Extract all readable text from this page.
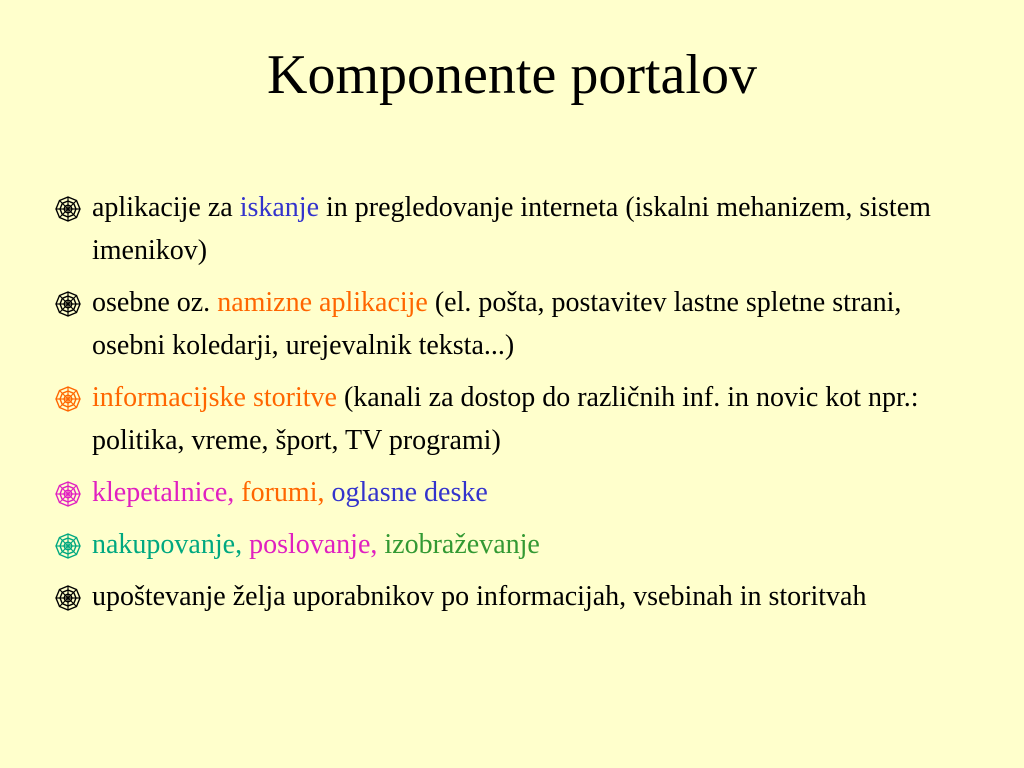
Komponente portalov
aplikacije za iskanje in pregledovanje interneta (iskalni mehanizem, sistem imenikov)
osebne oz. namizne aplikacije (el. pošta, postavitev lastne spletne strani, osebni koledarji, urejevalnik teksta...)
informacijske storitve (kanali za dostop do različnih inf. in novic kot npr.: politika, vreme, šport, TV programi)
klepetalnice, forumi, oglasne deske
nakupovanje, poslovanje, izobraževanje
upoštevanje želja uporabnikov po informacijah, vsebinah in storitvah
